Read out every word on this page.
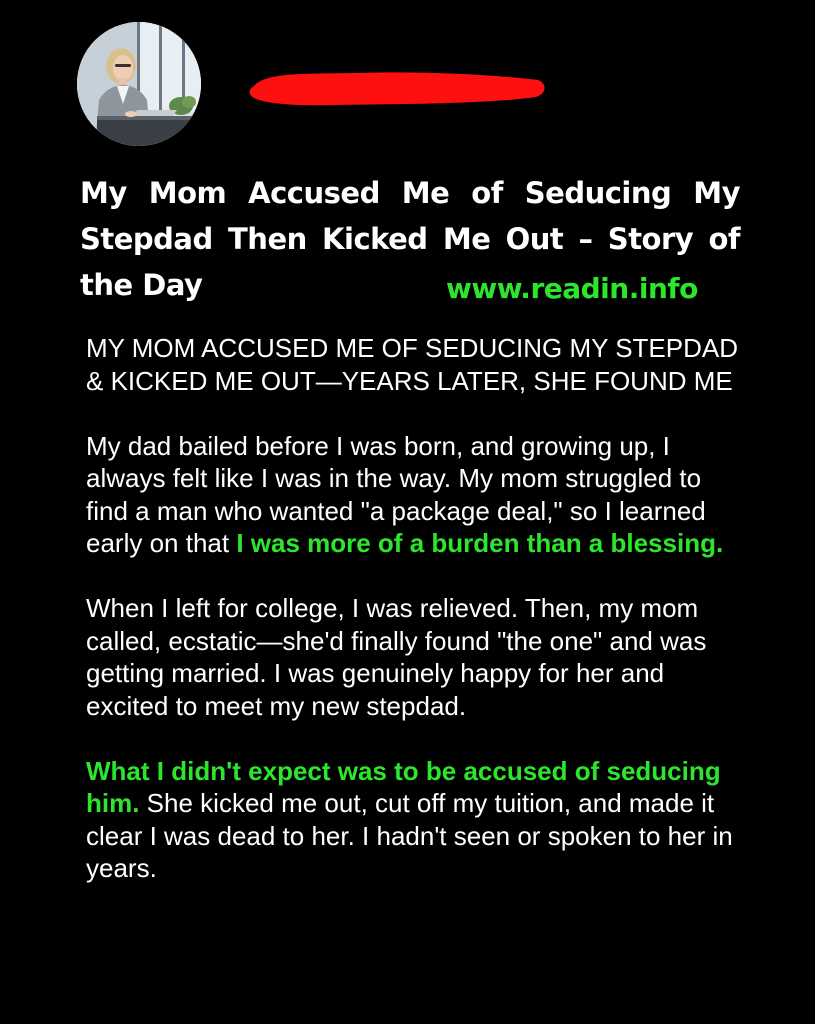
My Mom Accused Me of Seducing My Stepdad Then Kicked Me Out – Story of the Day	www.readin.info

MY MOM ACCUSED ME OF SEDUCING MY STEPDAD & KICKED ME OUT—YEARS LATER, SHE FOUND ME

My dad bailed before I was born, and growing up, I always felt like I was in the way. My mom struggled to find a man who wanted "a package deal," so I learned early on that I was more of a burden than a blessing.

When I left for college, I was relieved. Then, my mom called, ecstatic—she'd finally found "the one" and was getting married. I was genuinely happy for her and excited to meet my new stepdad.

What I didn't expect was to be accused of seducing him. She kicked me out, cut off my tuition, and made it clear I was dead to her. I hadn't seen or spoken to her in years.
